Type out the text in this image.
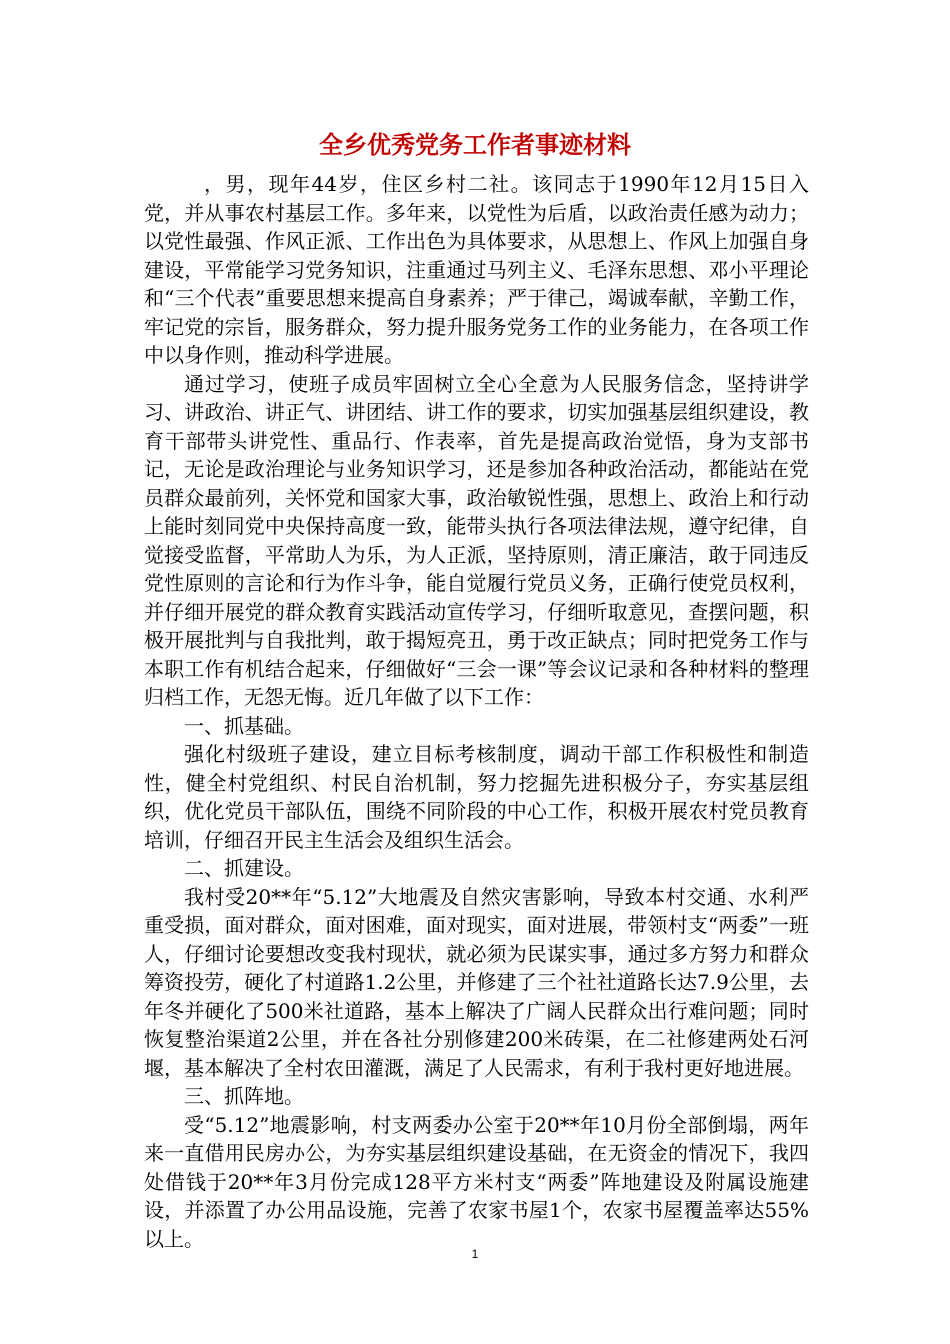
全乡优秀党务工作者事迹材料

，男，现年44岁，住区乡村二社。该同志于1990年12月15日入党，并从事农村基层工作。多年来，以党性为后盾，以政治责任感为动力；以党性最强、作风正派、工作出色为具体要求，从思想上、作风上加强自身建设，平常能学习党务知识，注重通过马列主义、毛泽东思想、邓小平理论和“三个代表”重要思想来提高自身素养；严于律己，竭诚奉献，辛勤工作，牢记党的宗旨，服务群众，努力提升服务党务工作的业务能力，在各项工作中以身作则，推动科学进展。

通过学习，使班子成员牢固树立全心全意为人民服务信念，坚持讲学习、讲政治、讲正气、讲团结、讲工作的要求，切实加强基层组织建设，教育干部带头讲党性、重品行、作表率，首先是提高政治觉悟，身为支部书记，无论是政治理论与业务知识学习，还是参加各种政治活动，都能站在党员群众最前列，关怀党和国家大事，政治敏锐性强，思想上、政治上和行动上能时刻同党中央保持高度一致，能带头执行各项法律法规，遵守纪律，自觉接受监督，平常助人为乐，为人正派，坚持原则，清正廉洁，敢于同违反党性原则的言论和行为作斗争，能自觉履行党员义务，正确行使党员权利，并仔细开展党的群众教育实践活动宣传学习，仔细听取意见，查摆问题，积极开展批判与自我批判，敢于揭短亮丑，勇于改正缺点；同时把党务工作与本职工作有机结合起来，仔细做好“三会一课”等会议记录和各种材料的整理归档工作，无怨无悔。近几年做了以下工作：

一、抓基础。

强化村级班子建设，建立目标考核制度，调动干部工作积极性和制造性，健全村党组织、村民自治机制，努力挖掘先进积极分子，夯实基层组织，优化党员干部队伍，围绕不同阶段的中心工作，积极开展农村党员教育培训，仔细召开民主生活会及组织生活会。

二、抓建设。

我村受20**年“5.12”大地震及自然灾害影响，导致本村交通、水利严重受损，面对群众，面对困难，面对现实，面对进展，带领村支“两委”一班人，仔细讨论要想改变我村现状，就必须为民谋实事，通过多方努力和群众筹资投劳，硬化了村道路1.2公里，并修建了三个社社道路长达7.9公里，去年冬并硬化了500米社道路，基本上解决了广阔人民群众出行难问题；同时恢复整治渠道2公里，并在各社分别修建200米砖渠，在二社修建两处石河堰，基本解决了全村农田灌溉，满足了人民需求，有利于我村更好地进展。

三、抓阵地。

受“5.12”地震影响，村支两委办公室于20**年10月份全部倒塌，两年来一直借用民房办公，为夯实基层组织建设基础，在无资金的情况下，我四处借钱于20**年3月份完成128平方米村支“两委”阵地建设及附属设施建设，并添置了办公用品设施，完善了农家书屋1个，农家书屋覆盖率达55%以上。

1
